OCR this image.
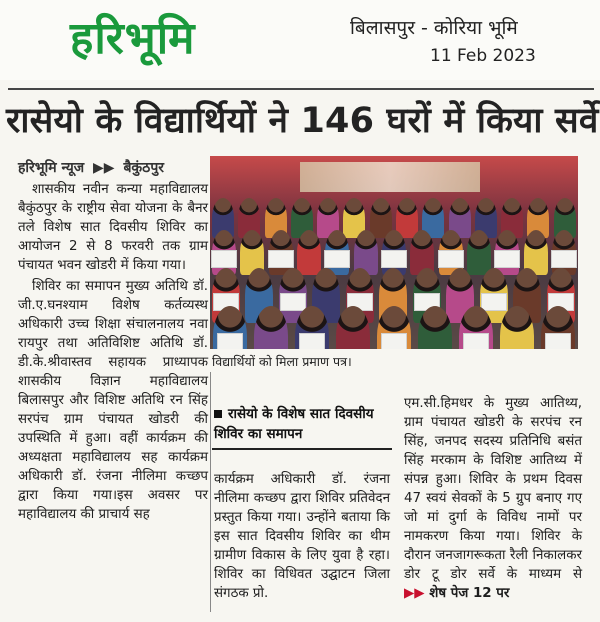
हरिभूमि	बिलासपुर - कोरिया भूमि
11 Feb 2023
रासेयो के विद्यार्थियों ने 146 घरों में किया सर्वे
हरिभूमि न्यूज ▶▶ बैकुंठपुर

शासकीय नवीन कन्या महाविद्यालय बैकुंठपुर के राष्ट्रीय सेवा योजना के बैनर तले विशेष सात दिवसीय शिविर का आयोजन 2 से 8 फरवरी तक ग्राम पंचायत भवन खोडरी में किया गया।

शिविर का समापन मुख्य अतिथि डॉ. जी.ए.घनश्याम विशेष कर्तव्यस्थ अधिकारी उच्च शिक्षा संचालनालय नवा रायपुर तथा अतिविशिष्ट अतिथि डॉ. डी.के.श्रीवास्तव सहायक प्राध्यापक शासकीय विज्ञान महाविद्यालय बिलासपुर और विशिष्ट अतिथि रन सिंह सरपंच ग्राम पंचायत खोडरी की उपस्थिति में हुआ। वहीं कार्यक्रम की अध्यक्षता महाविद्यालय सह कार्यक्रम अधिकारी डॉ. रंजना नीलिमा कच्छप द्वारा किया गया।इस अवसर पर महाविद्यालय की प्राचार्य सह

विद्यार्थियों को मिला प्रमाण पत्र।
रासेयो के विशेष सात दिवसीय शिविर का समापन
कार्यक्रम अधिकारी डॉ. रंजना नीलिमा कच्छप द्वारा शिविर प्रतिवेदन प्रस्तुत किया गया। उन्होंने बताया कि इस सात दिवसीय शिविर का थीम ग्रामीण विकास के लिए युवा है रहा। शिविर का विधिवत उद्घाटन जिला संगठक प्रो.
एम.सी.हिमधर के मुख्य आतिथ्य, ग्राम पंचायत खोडरी के सरपंच रन सिंह, जनपद सदस्य प्रतिनिधि बसंत सिंह मरकाम के विशिष्ट आतिथ्य में संपन्न हुआ। शिविर के प्रथम दिवस 47 स्वयं सेवकों के 5 ग्रुप बनाए गए जो मां दुर्गा के विविध नामों पर नामकरण किया गया। शिविर के दौरान जनजागरूकता रैली निकालकर डोर टू डोर सर्वे के माध्यम से ▶▶ शेष पेज 12 पर
